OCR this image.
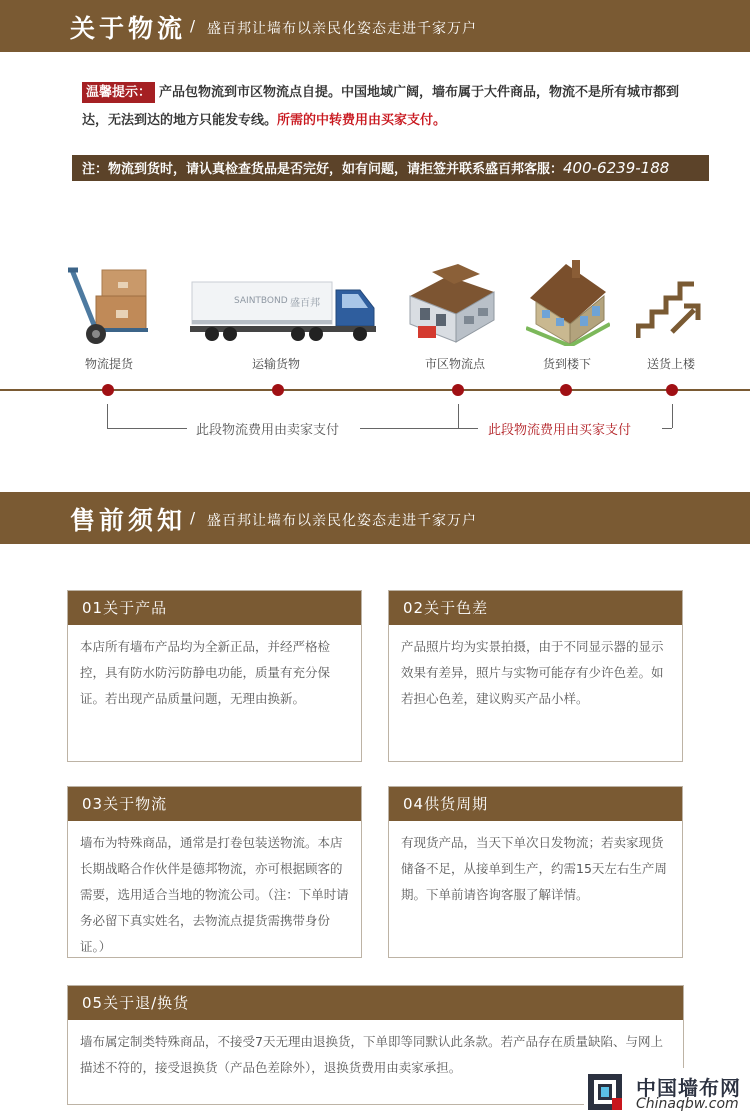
关于物流 / 盛百邦让墙布以亲民化姿态走进千家万户
温馨提示： 产品包物流到市区物流点自提。中国地域广阔，墙布属于大件商品，物流不是所有城市都到达，无法到达的地方只能发专线。所需的中转费用由买家支付。
注：物流到货时，请认真检查货品是否完好，如有问题，请拒签并联系盛百邦客服：400-6239-188
SAINTBOND 盛百邦
物流提货	运输货物	市区物流点	货到楼下	送货上楼
此段物流费用由卖家支付	此段物流费用由买家支付
售前须知 / 盛百邦让墙布以亲民化姿态走进千家万户
01关于产品
本店所有墙布产品均为全新正品，并经严格检控，具有防水防污防静电功能，质量有充分保证。若出现产品质量问题，无理由换新。
02关于色差
产品照片均为实景拍摄，由于不同显示器的显示效果有差异，照片与实物可能存有少许色差。如若担心色差，建议购买产品小样。
03关于物流
墙布为特殊商品，通常是打卷包装送物流。本店长期战略合作伙伴是德邦物流，亦可根据顾客的需要，选用适合当地的物流公司。（注：下单时请务必留下真实姓名，去物流点提货需携带身份证。）
04供货周期
有现货产品，当天下单次日发物流；若卖家现货储备不足，从接单到生产，约需15天左右生产周期。下单前请咨询客服了解详情。
05关于退/换货
墙布属定制类特殊商品，不接受7天无理由退换货，下单即等同默认此条款。若产品存在质量缺陷、与网上描述不符的，接受退换货（产品色差除外），退换货费用由卖家承担。
中国墙布网
Chinaqbw.com
